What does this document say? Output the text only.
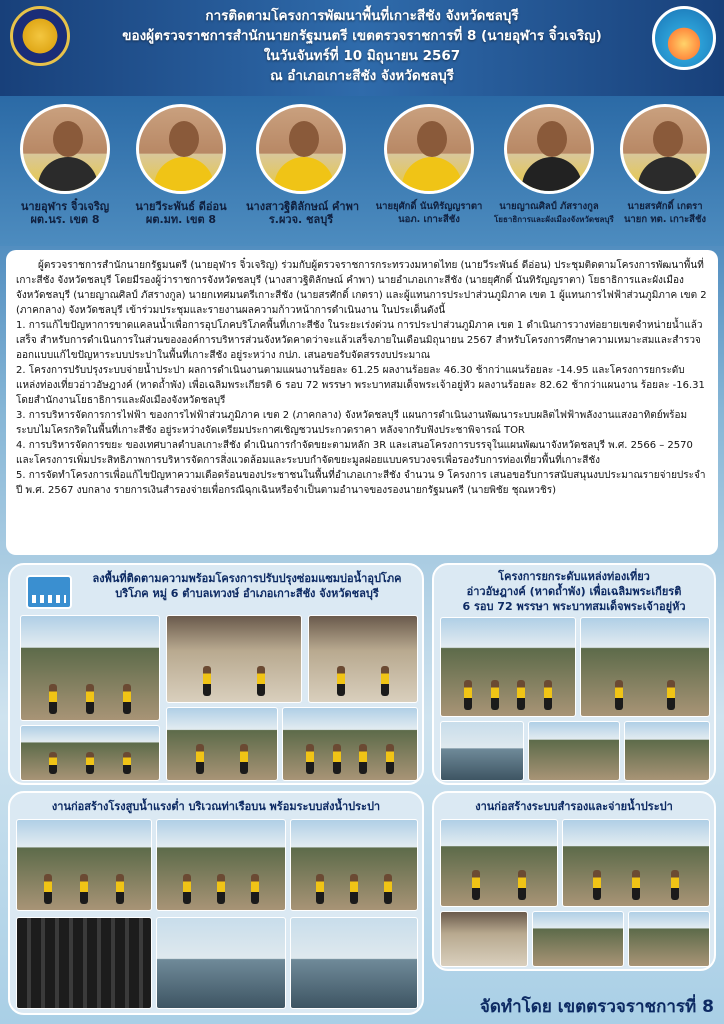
การติดตามโครงการพัฒนาพื้นที่เกาะสีชัง จังหวัดชลบุรี
ของผู้ตรวจราชการสำนักนายกรัฐมนตรี เขตตรวจราชการที่ 8 (นายอุฬาร จิ๋วเจริญ)
ในวันจันทร์ที่ 10 มิถุนายน 2567
ณ อำเภอเกาะสีชัง จังหวัดชลบุรี
นายอุฬาร จิ๋วเจริญ
ผต.นร. เขต 8
นายวีระพันธ์ ดีอ่อน
ผต.มท. เขต 8
นางสาวฐิติลักษณ์ คำพา
ร.ผวจ. ชลบุรี
นายยุศักดิ์ นันทิรัญญราตา
นอภ. เกาะสีชัง
นายญาณศิลป์ ภัสรางกูล
โยธาธิการและผังเมืองจังหวัดชลบุรี
นายสรศักดิ์ เกตรา
นายก ทต. เกาะสีชัง

ผู้ตรวจราชการสำนักนายกรัฐมนตรี (นายอุฬาร จิ๋วเจริญ) ร่วมกับผู้ตรวจราชการกระทรวงมหาดไทย (นายวีระพันธ์ ดีอ่อน) ประชุมติดตามโครงการพัฒนาพื้นที่เกาะสีชัง จังหวัดชลบุรี โดยมีรองผู้ว่าราชการจังหวัดชลบุรี (นางสาวฐิติลักษณ์ คำพา) นายอำเภอเกาะสีชัง (นายยุศักดิ์ นันทิรัญญราตา) โยธาธิการและผังเมืองจังหวัดชลบุรี (นายญาณศิลป์ ภัสรางกูล) นายกเทศมนตรีเกาะสีชัง (นายสรศักดิ์ เกตรา) และผู้แทนการประปาส่วนภูมิภาค เขต 1 ผู้แทนการไฟฟ้าส่วนภูมิภาค เขต 2 (ภาคกลาง) จังหวัดชลบุรี เข้าร่วมประชุมและรายงานผลความก้าวหน้าการดำเนินงาน ในประเด็นดังนี้

1. การแก้ไขปัญหาการขาดแคลนน้ำเพื่อการอุปโภคบริโภคพื้นที่เกาะสีชัง ในระยะเร่งด่วน การประปาส่วนภูมิภาค เขต 1 ดำเนินการวางท่อยายเขตจำหน่ายน้ำแล้วเสร็จ สำหรับการดำเนินการในส่วนขององค์การบริหารส่วนจังหวัดคาดว่าจะแล้วเสร็จภายในเดือนมิถุนายน 2567 สำหรับโครงการศึกษาความเหมาะสมและสำรวจออกแบบแก้ไขปัญหาระบบประปาในพื้นที่เกาะสีชัง อยู่ระหว่าง กปภ. เสนอขอรับจัดสรรงบประมาณ

2. โครงการปรับปรุงระบบจ่ายน้ำประปา ผลการดำเนินงานตามแผนงานร้อยละ 61.25 ผลงานร้อยละ 46.30 ช้ากว่าแผนร้อยละ -14.95 และโครงการยกระดับแหล่งท่องเที่ยวอ่าวอัษฎางค์ (หาดถ้ำพัง) เพื่อเฉลิมพระเกียรติ 6 รอบ 72 พรรษา พระบาทสมเด็จพระเจ้าอยู่หัว ผลงานร้อยละ 82.62 ช้ากว่าแผนงาน ร้อยละ -16.31 โดยสำนักงานโยธาธิการและผังเมืองจังหวัดชลบุรี

3. การบริหารจัดการการไฟฟ้า ของการไฟฟ้าส่วนภูมิภาค เขต 2 (ภาคกลาง) จังหวัดชลบุรี แผนการดำเนินงานพัฒนาระบบผลิตไฟฟ้าพลังงานแสงอาทิตย์พร้อมระบบไมโครกริดในพื้นที่เกาะสีชัง อยู่ระหว่างจัดเตรียมประกาศเชิญชวนประกวดราคา หลังจากรับฟังประชาพิจารณ์ TOR

4. การบริหารจัดการขยะ ของเทศบาลตำบลเกาะสีชัง ดำเนินการกำจัดขยะตามหลัก 3R และเสนอโครงการบรรจุในแผนพัฒนาจังหวัดชลบุรี พ.ศ. 2566 – 2570 และโครงการเพิ่มประสิทธิภาพการบริหารจัดการสิ่งแวดล้อมและระบบกำจัดขยะมูลฝอยแบบครบวงจรเพื่อรองรับการท่องเที่ยวพื้นที่เกาะสีชัง

5. การจัดทำโครงการเพื่อแก้ไขปัญหาความเดือดร้อนของประชาชนในพื้นที่อำเภอเกาะสีชัง จำนวน 9 โครงการ เสนอขอรับการสนับสนุนงบประมาณรายจ่ายประจำปี พ.ศ. 2567 งบกลาง รายการเงินสำรองจ่ายเพื่อกรณีฉุกเฉินหรือจำเป็นตามอำนาจของรองนายกรัฐมนตรี (นายพิชัย ชุณหวชิร)

ลงพื้นที่ติดตามความพร้อมโครงการปรับปรุงซ่อมแซมบ่อน้ำอุปโภค
บริโภค หมู่ 6 ตำบลเทวงษ์ อำเภอเกาะสีชัง จังหวัดชลบุรี
โครงการยกระดับแหล่งท่องเที่ยว
อ่าวอัษฎางค์ (หาดถ้ำพัง) เพื่อเฉลิมพระเกียรติ
6 รอบ 72 พรรษา พระบาทสมเด็จพระเจ้าอยู่หัว
งานก่อสร้างโรงสูบน้ำแรงต่ำ บริเวณท่าเรือบน พร้อมระบบส่งน้ำประปา	งานก่อสร้างระบบสำรองและจ่ายน้ำประปา
จัดทำโดย เขตตรวจราชการที่ 8
